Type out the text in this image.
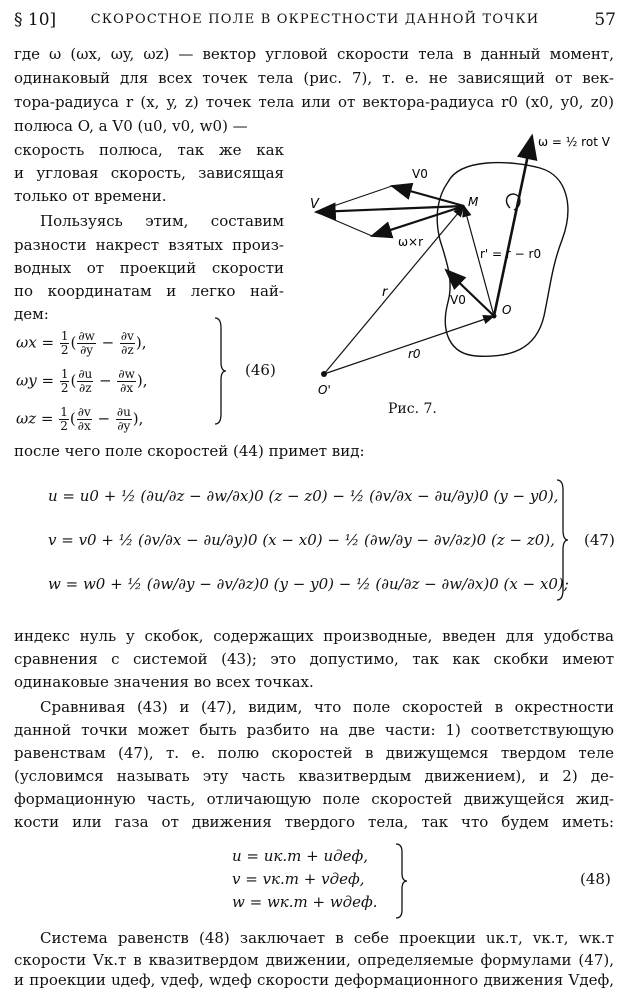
§ 10]	СКОРОСТНОЕ ПОЛЕ В ОКРЕСТНОСТИ ДАННОЙ ТОЧКИ	57
где ω (ωx, ωy, ωz) — вектор угловой скорости тела в данный момент,
одинаковый для всех точек тела (рис. 7), т. е. не зависящий от век-
тора-радиуса r (x, y, z) точек тела или от вектора-радиуса r0 (x0, y0, z0)
полюса O, а V0 (u0, v0, w0) —
скорость полюса, так же как
и угловая скорость, зависящая
только от времени.
Пользуясь этим, составим
разности накрест взятых произ-
водных от проекций скорости
по координатам и легко най-
дем:
$\omega x = \frac{1}{2}$ ( $\frac{\partial w}{\partial y} - \frac{\partial v}{\partial z}$ ),
$\omega y = \frac{1}{2}$ ( $\frac{\partial u}{\partial z} - \frac{\partial w}{\partial x}$ ),
$\omega z = \frac{1}{2}$ ( $\frac{\partial v}{\partial x} - \frac{\partial u}{\partial y}$ ),
(46)
ω = ½ rot V
V0
V	M
ω×r
r' = r − r0
r	V0
O
r0
O'
Рис. 7.
после чего поле скоростей (44) примет вид:
u = u0 + ½ (∂u/∂z − ∂w/∂x)0 (z − z0) − ½ (∂v/∂x − ∂u/∂y)0 (y − y0),
v = v0 + ½ (∂v/∂x − ∂u/∂y)0 (x − x0) − ½ (∂w/∂y − ∂v/∂z)0 (z − z0),
w = w0 + ½ (∂w/∂y − ∂v/∂z)0 (y − y0) − ½ (∂u/∂z − ∂w/∂x)0 (x − x0);
(47)
индекс нуль у скобок, содержащих производные, введен для удобства
сравнения с системой (43); это допустимо, так как скобки имеют
одинаковые значения во всех точках.
Сравнивая (43) и (47), видим, что поле скоростей в окрестности
данной точки может быть разбито на две части: 1) соответствующую
равенствам (47), т. е. полю скоростей в движущемся твердом теле
(условимся называть эту часть квазитвердым движением), и 2) де-
формационную часть, отличающую поле скоростей движущейся жид-
кости или газа от движения твердого тела, так что будем иметь:
u = uк.т + uдеф,
v = vк.т + vдеф,
w = wк.т + wдеф.
(48)
Система равенств (48) заключает в себе проекции uк.т, vк.т, wк.т
скорости Vк.т в квазитвердом движении, определяемые формулами (47),
и проекции uдеф, vдеф, wдеф скорости деформационного движения Vдеф,
